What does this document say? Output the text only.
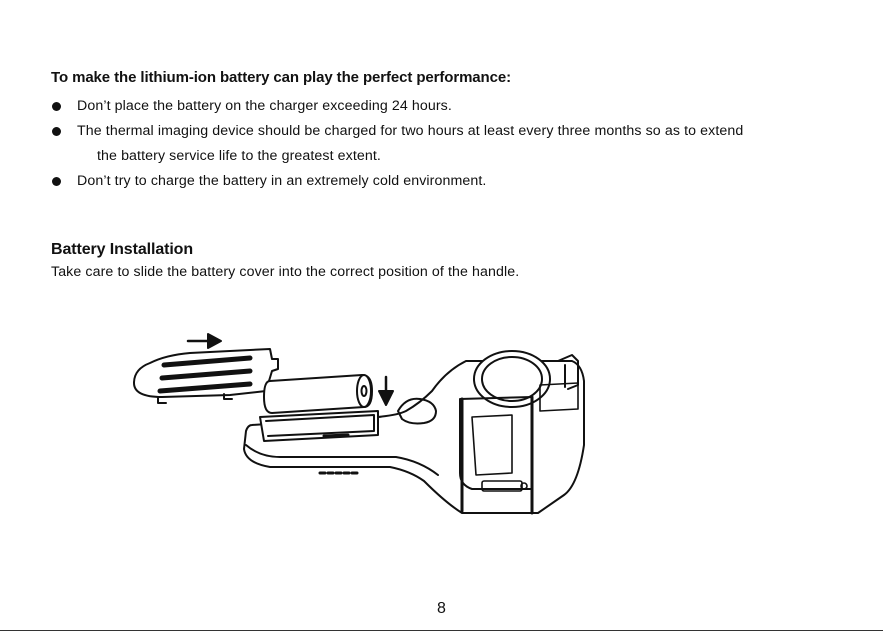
To make the lithium-ion battery can play the perfect performance:
Don’t place the battery on the charger exceeding 24 hours.
The thermal imaging device should be charged for two hours at least every three months so as to extend
the battery service life to the greatest extent.
Don’t try to charge the battery in an extremely cold environment.
Battery Installation

Take care to slide the battery cover into the correct position of the handle.

8
